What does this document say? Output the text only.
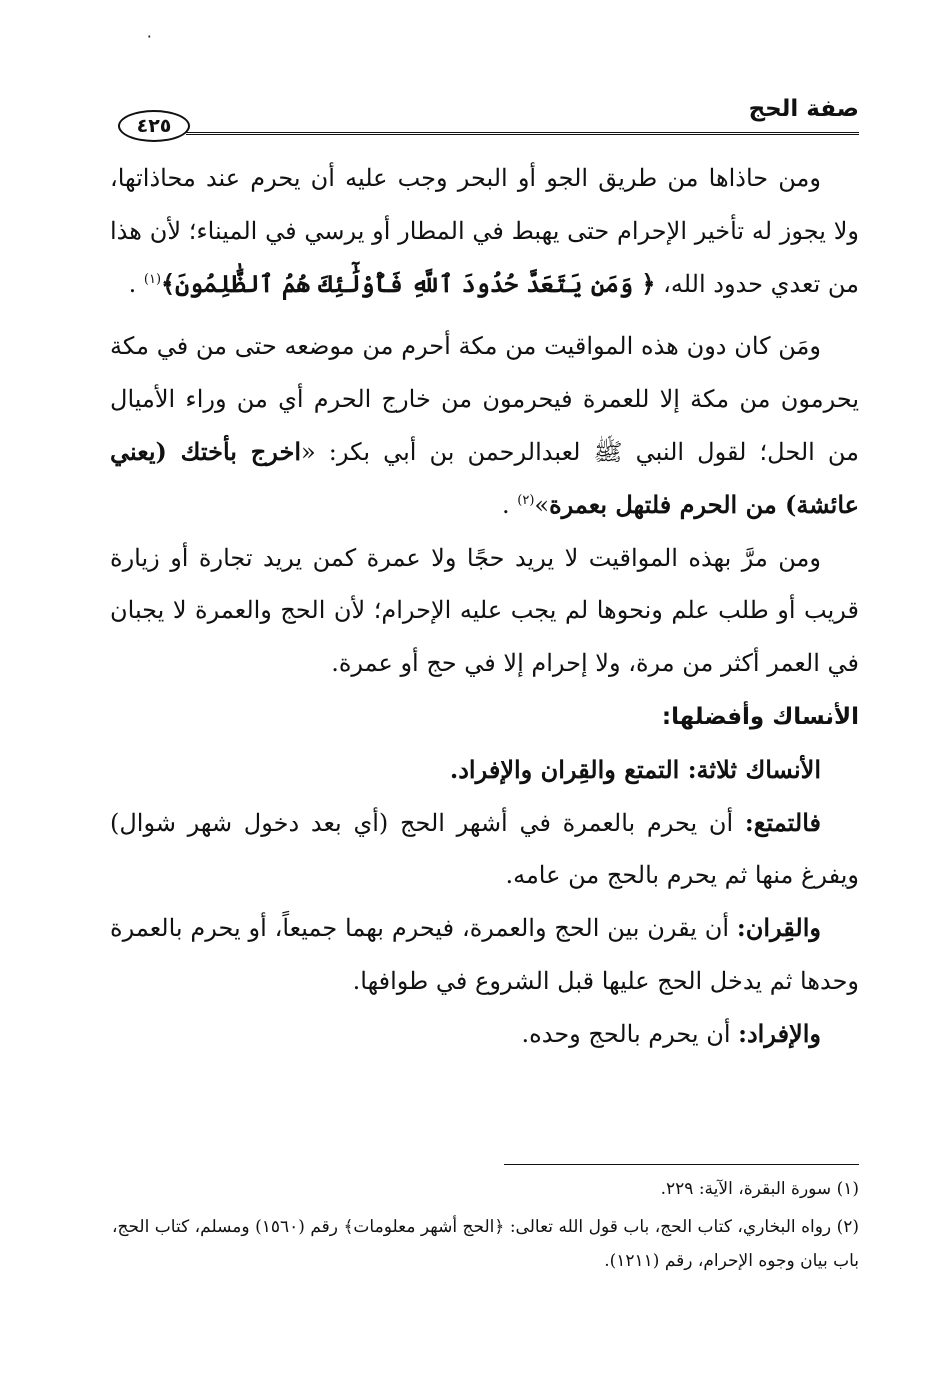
٠
صفة الحج
٤٢٥

ومن حاذاها من طريق الجو أو البحر وجب عليه أن يحرم عند محاذاتها، ولا يجوز له تأخير الإحرام حتى يهبط في المطار أو يرسي في الميناء؛ لأن هذا من تعدي حدود الله، ﴿ وَمَن يَتَعَدَّ حُدُودَ ٱللَّهِ فَأُوْلَٰٓئِكَ هُمُ ٱلظَّٰلِمُونَ﴾$^{(١)}$ .

ومَن كان دون هذه المواقيت من مكة أحرم من موضعه حتى من في مكة يحرمون من مكة إلا للعمرة فيحرمون من خارج الحرم أي من وراء الأميال من الحل؛ لقول النبي ﷺ لعبدالرحمن بن أبي بكر: «اخرج بأختك (يعني عائشة) من الحرم فلتهل بعمرة»$^{(٢)}$ .

ومن مرَّ بهذه المواقيت لا يريد حجًا ولا عمرة كمن يريد تجارة أو زيارة قريب أو طلب علم ونحوها لم يجب عليه الإحرام؛ لأن الحج والعمرة لا يجبان في العمر أكثر من مرة، ولا إحرام إلا في حج أو عمرة.

الأنساك وأفضلها:

الأنساك ثلاثة: التمتع والقِران والإفراد.

فالتمتع: أن يحرم بالعمرة في أشهر الحج (أي بعد دخول شهر شوال) ويفرغ منها ثم يحرم بالحج من عامه.

والقِران: أن يقرن بين الحج والعمرة، فيحرم بهما جميعاً، أو يحرم بالعمرة وحدها ثم يدخل الحج عليها قبل الشروع في طوافها.

والإفراد: أن يحرم بالحج وحده.

(١) سورة البقرة، الآية: ٢٢٩.

(٢) رواه البخاري، كتاب الحج، باب قول الله تعالى: ﴿الحج أشهر معلومات﴾ رقم (١٥٦٠) ومسلم، كتاب الحج، باب بيان وجوه الإحرام، رقم (١٢١١).
